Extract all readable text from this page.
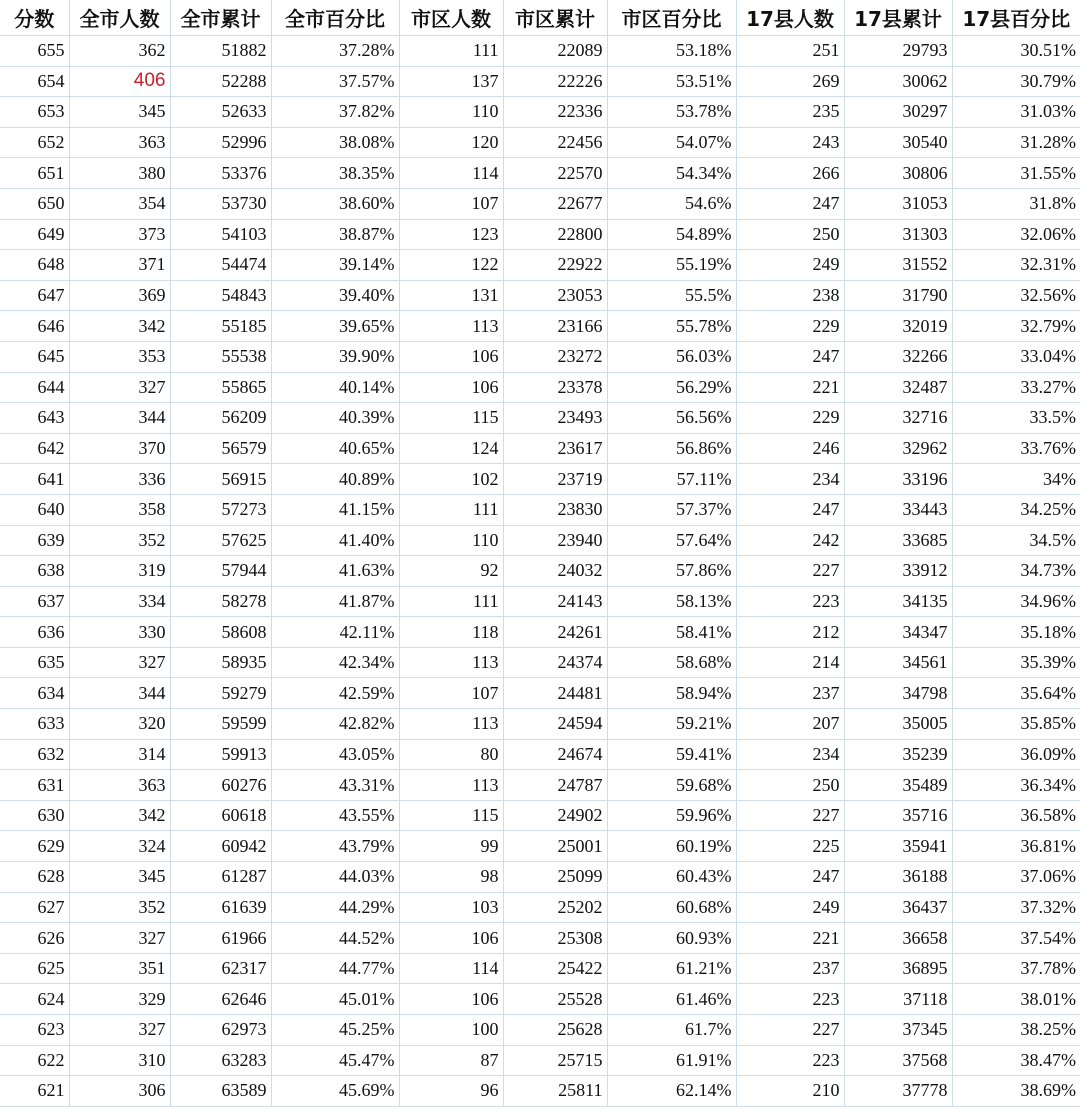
分数	全市人数	全市累计	全市百分比	市区人数	市区累计	市区百分比	17县人数	17县累计	17县百分比
655	362	51882	37.28%	111	22089	53.18%	251	29793	30.51%
654	406	52288	37.57%	137	22226	53.51%	269	30062	30.79%
653	345	52633	37.82%	110	22336	53.78%	235	30297	31.03%
652	363	52996	38.08%	120	22456	54.07%	243	30540	31.28%
651	380	53376	38.35%	114	22570	54.34%	266	30806	31.55%
650	354	53730	38.60%	107	22677	54.6%	247	31053	31.8%
649	373	54103	38.87%	123	22800	54.89%	250	31303	32.06%
648	371	54474	39.14%	122	22922	55.19%	249	31552	32.31%
647	369	54843	39.40%	131	23053	55.5%	238	31790	32.56%
646	342	55185	39.65%	113	23166	55.78%	229	32019	32.79%
645	353	55538	39.90%	106	23272	56.03%	247	32266	33.04%
644	327	55865	40.14%	106	23378	56.29%	221	32487	33.27%
643	344	56209	40.39%	115	23493	56.56%	229	32716	33.5%
642	370	56579	40.65%	124	23617	56.86%	246	32962	33.76%
641	336	56915	40.89%	102	23719	57.11%	234	33196	34%
640	358	57273	41.15%	111	23830	57.37%	247	33443	34.25%
639	352	57625	41.40%	110	23940	57.64%	242	33685	34.5%
638	319	57944	41.63%	92	24032	57.86%	227	33912	34.73%
637	334	58278	41.87%	111	24143	58.13%	223	34135	34.96%
636	330	58608	42.11%	118	24261	58.41%	212	34347	35.18%
635	327	58935	42.34%	113	24374	58.68%	214	34561	35.39%
634	344	59279	42.59%	107	24481	58.94%	237	34798	35.64%
633	320	59599	42.82%	113	24594	59.21%	207	35005	35.85%
632	314	59913	43.05%	80	24674	59.41%	234	35239	36.09%
631	363	60276	43.31%	113	24787	59.68%	250	35489	36.34%
630	342	60618	43.55%	115	24902	59.96%	227	35716	36.58%
629	324	60942	43.79%	99	25001	60.19%	225	35941	36.81%
628	345	61287	44.03%	98	25099	60.43%	247	36188	37.06%
627	352	61639	44.29%	103	25202	60.68%	249	36437	37.32%
626	327	61966	44.52%	106	25308	60.93%	221	36658	37.54%
625	351	62317	44.77%	114	25422	61.21%	237	36895	37.78%
624	329	62646	45.01%	106	25528	61.46%	223	37118	38.01%
623	327	62973	45.25%	100	25628	61.7%	227	37345	38.25%
622	310	63283	45.47%	87	25715	61.91%	223	37568	38.47%
621	306	63589	45.69%	96	25811	62.14%	210	37778	38.69%
